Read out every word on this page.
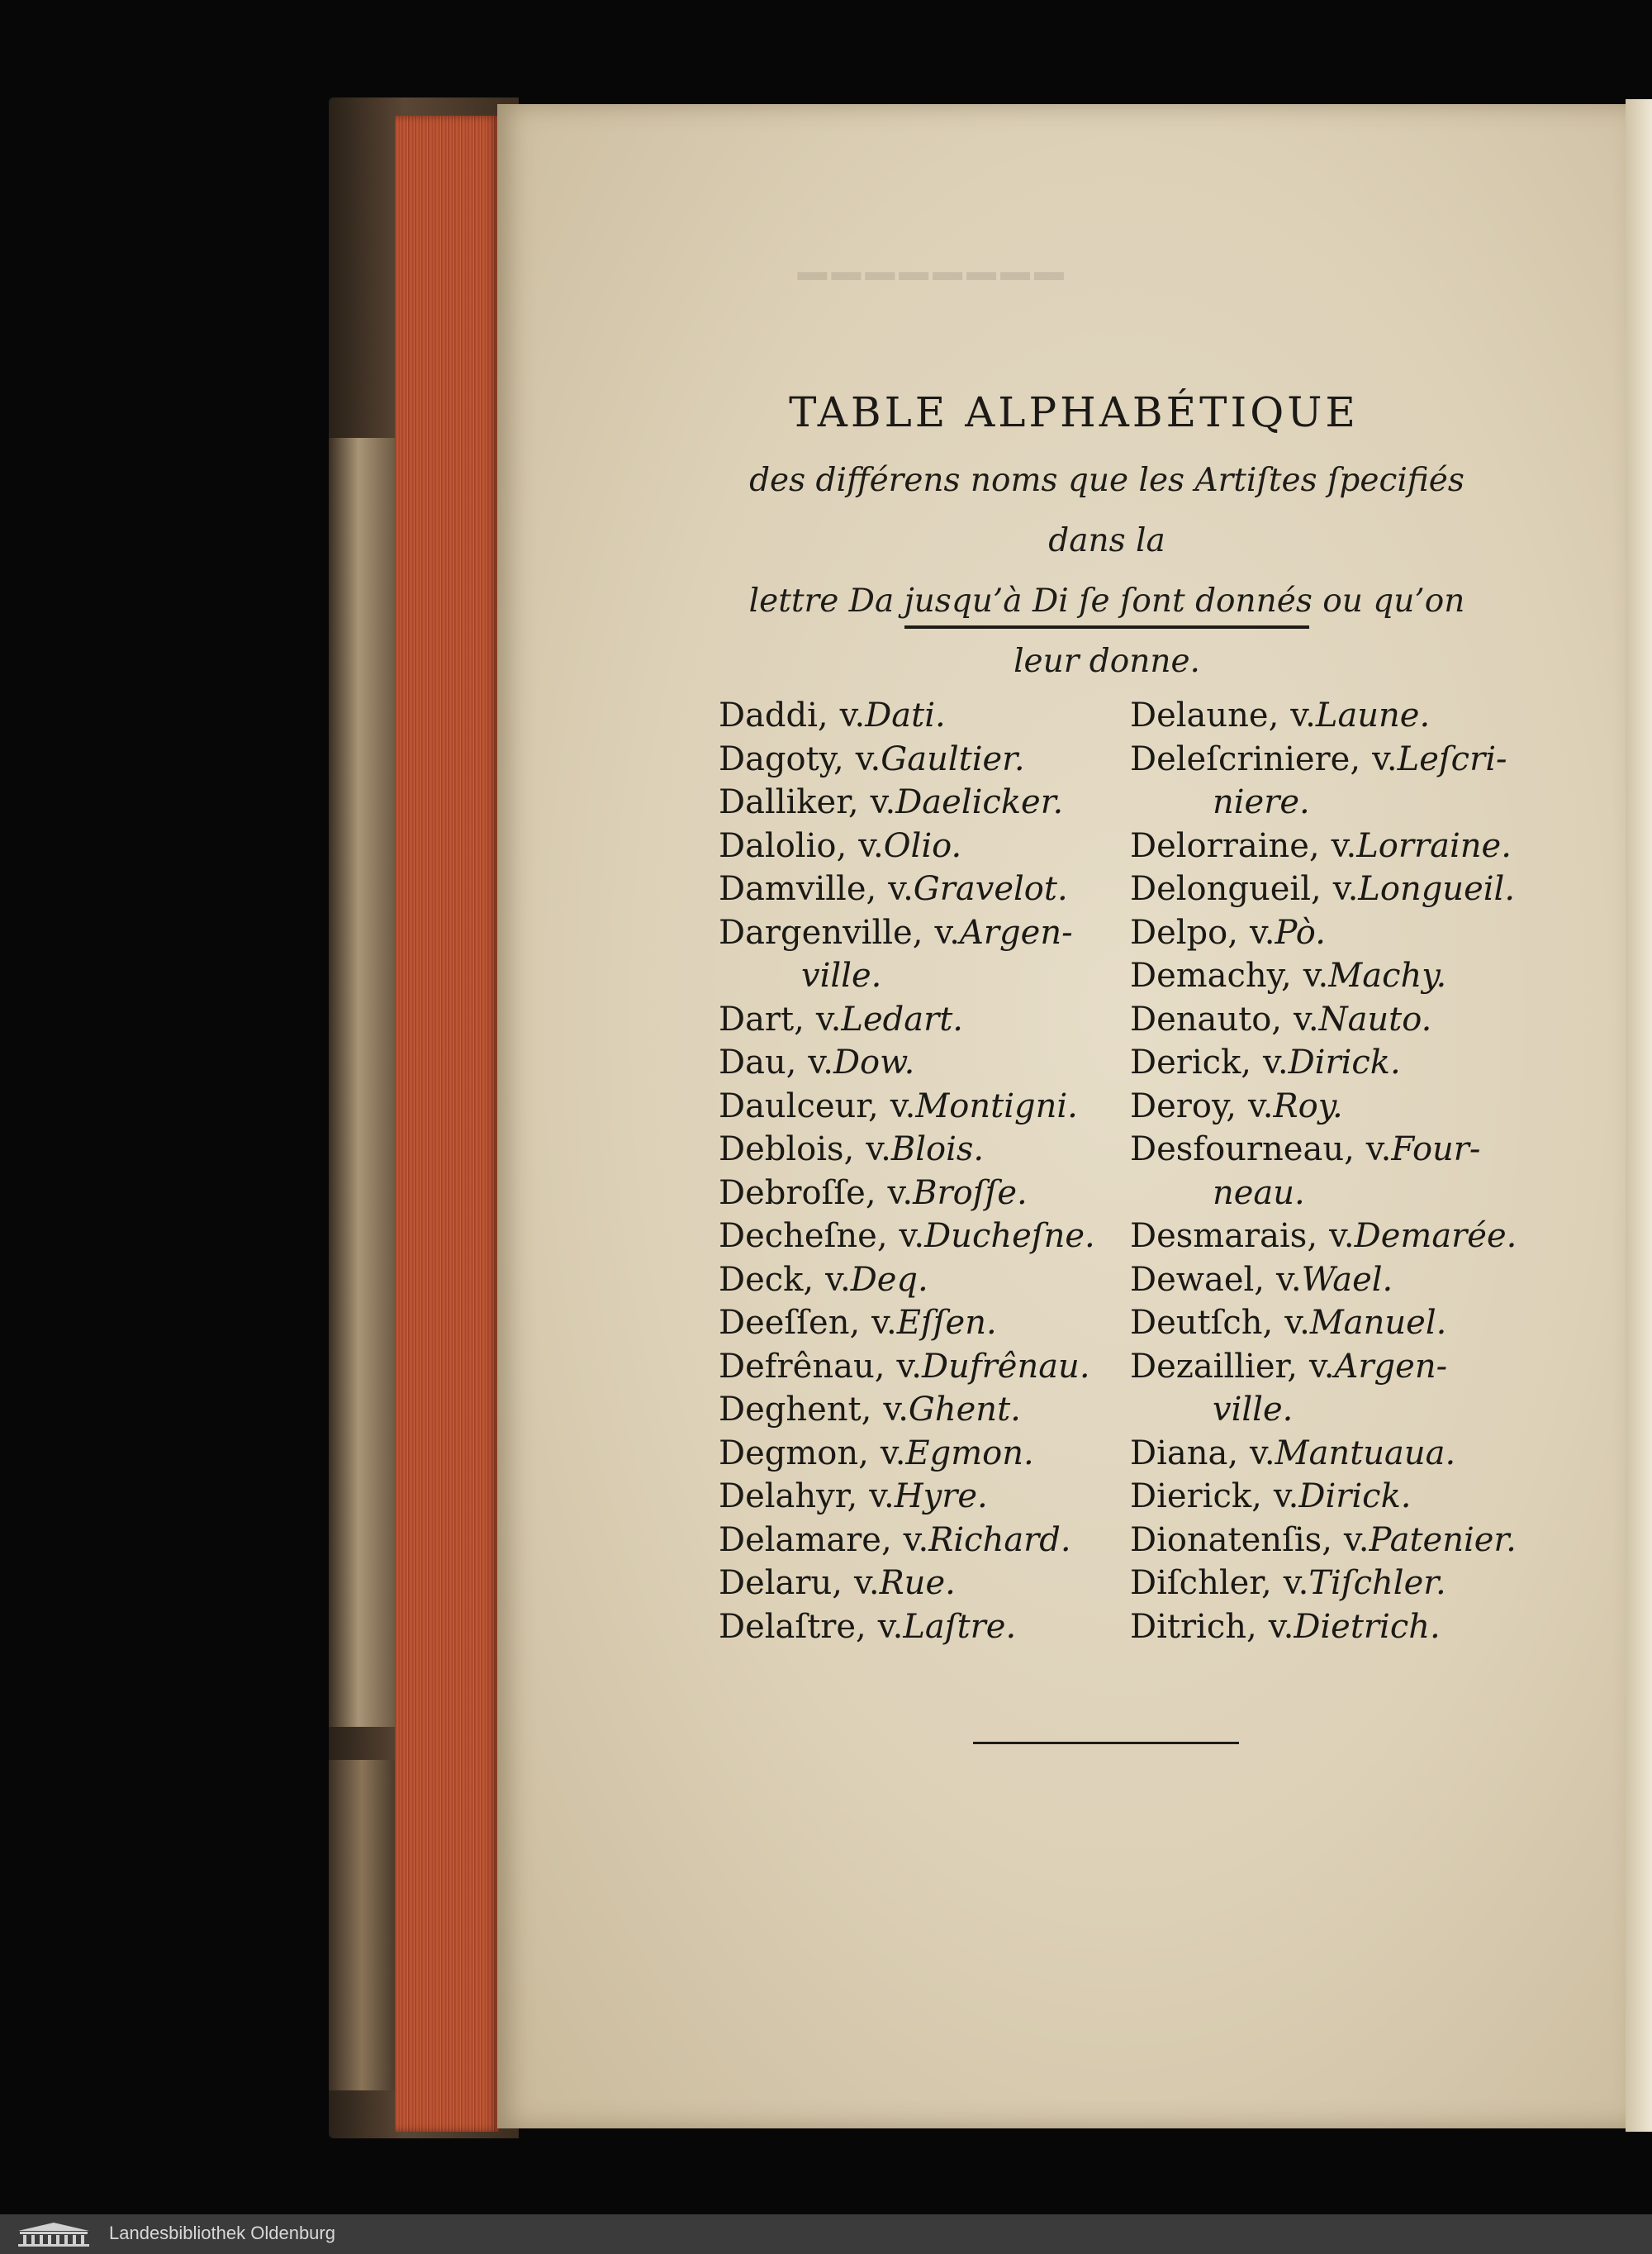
━━━━━━━━
TABLE ALPHABÉTIQUE
des différens noms que les Artiſtes ſpecifiés dans la
lettre Da jusqu’à Di ſe ſont donnés ou qu’on
leur donne.
Daddi, v.Dati.
Dagoty, v.Gaultier.
Dalliker, v.Daelicker.
Dalolio, v.Olio.
Damville, v.Gravelot.
Dargenville, v.Argen-
ville.
Dart, v.Ledart.
Dau, v.Dow.
Daulceur, v.Montigni.
Deblois, v.Blois.
Debroſſe, v.Broſſe.
Decheſne, v.Ducheſne.
Deck, v.Deq.
Deeſſen, v.Eſſen.
Defrênau, v.Dufrênau.
Deghent, v.Ghent.
Degmon, v.Egmon.
Delahyr, v.Hyre.
Delamare, v.Richard.
Delaru, v.Rue.
Delaſtre, v.Laſtre.
Delaune, v.Laune.
Deleſcriniere, v.Leſcri-
niere.
Delorraine, v.Lorraine.
Delongueil, v.Longueil.
Delpo, v.Pò.
Demachy, v.Machy.
Denauto, v.Nauto.
Derick, v.Dirick.
Deroy, v.Roy.
Desfourneau, v.Four-
neau.
Desmarais, v.Demarée.
Dewael, v.Wael.
Deutſch, v.Manuel.
Dezaillier, v.Argen-
ville.
Diana, v.Mantuaua.
Dierick, v.Dirick.
Dionatenſis, v.Patenier.
Diſchler, v.Tiſchler.
Ditrich, v.Dietrich.
Landesbibliothek Oldenburg
